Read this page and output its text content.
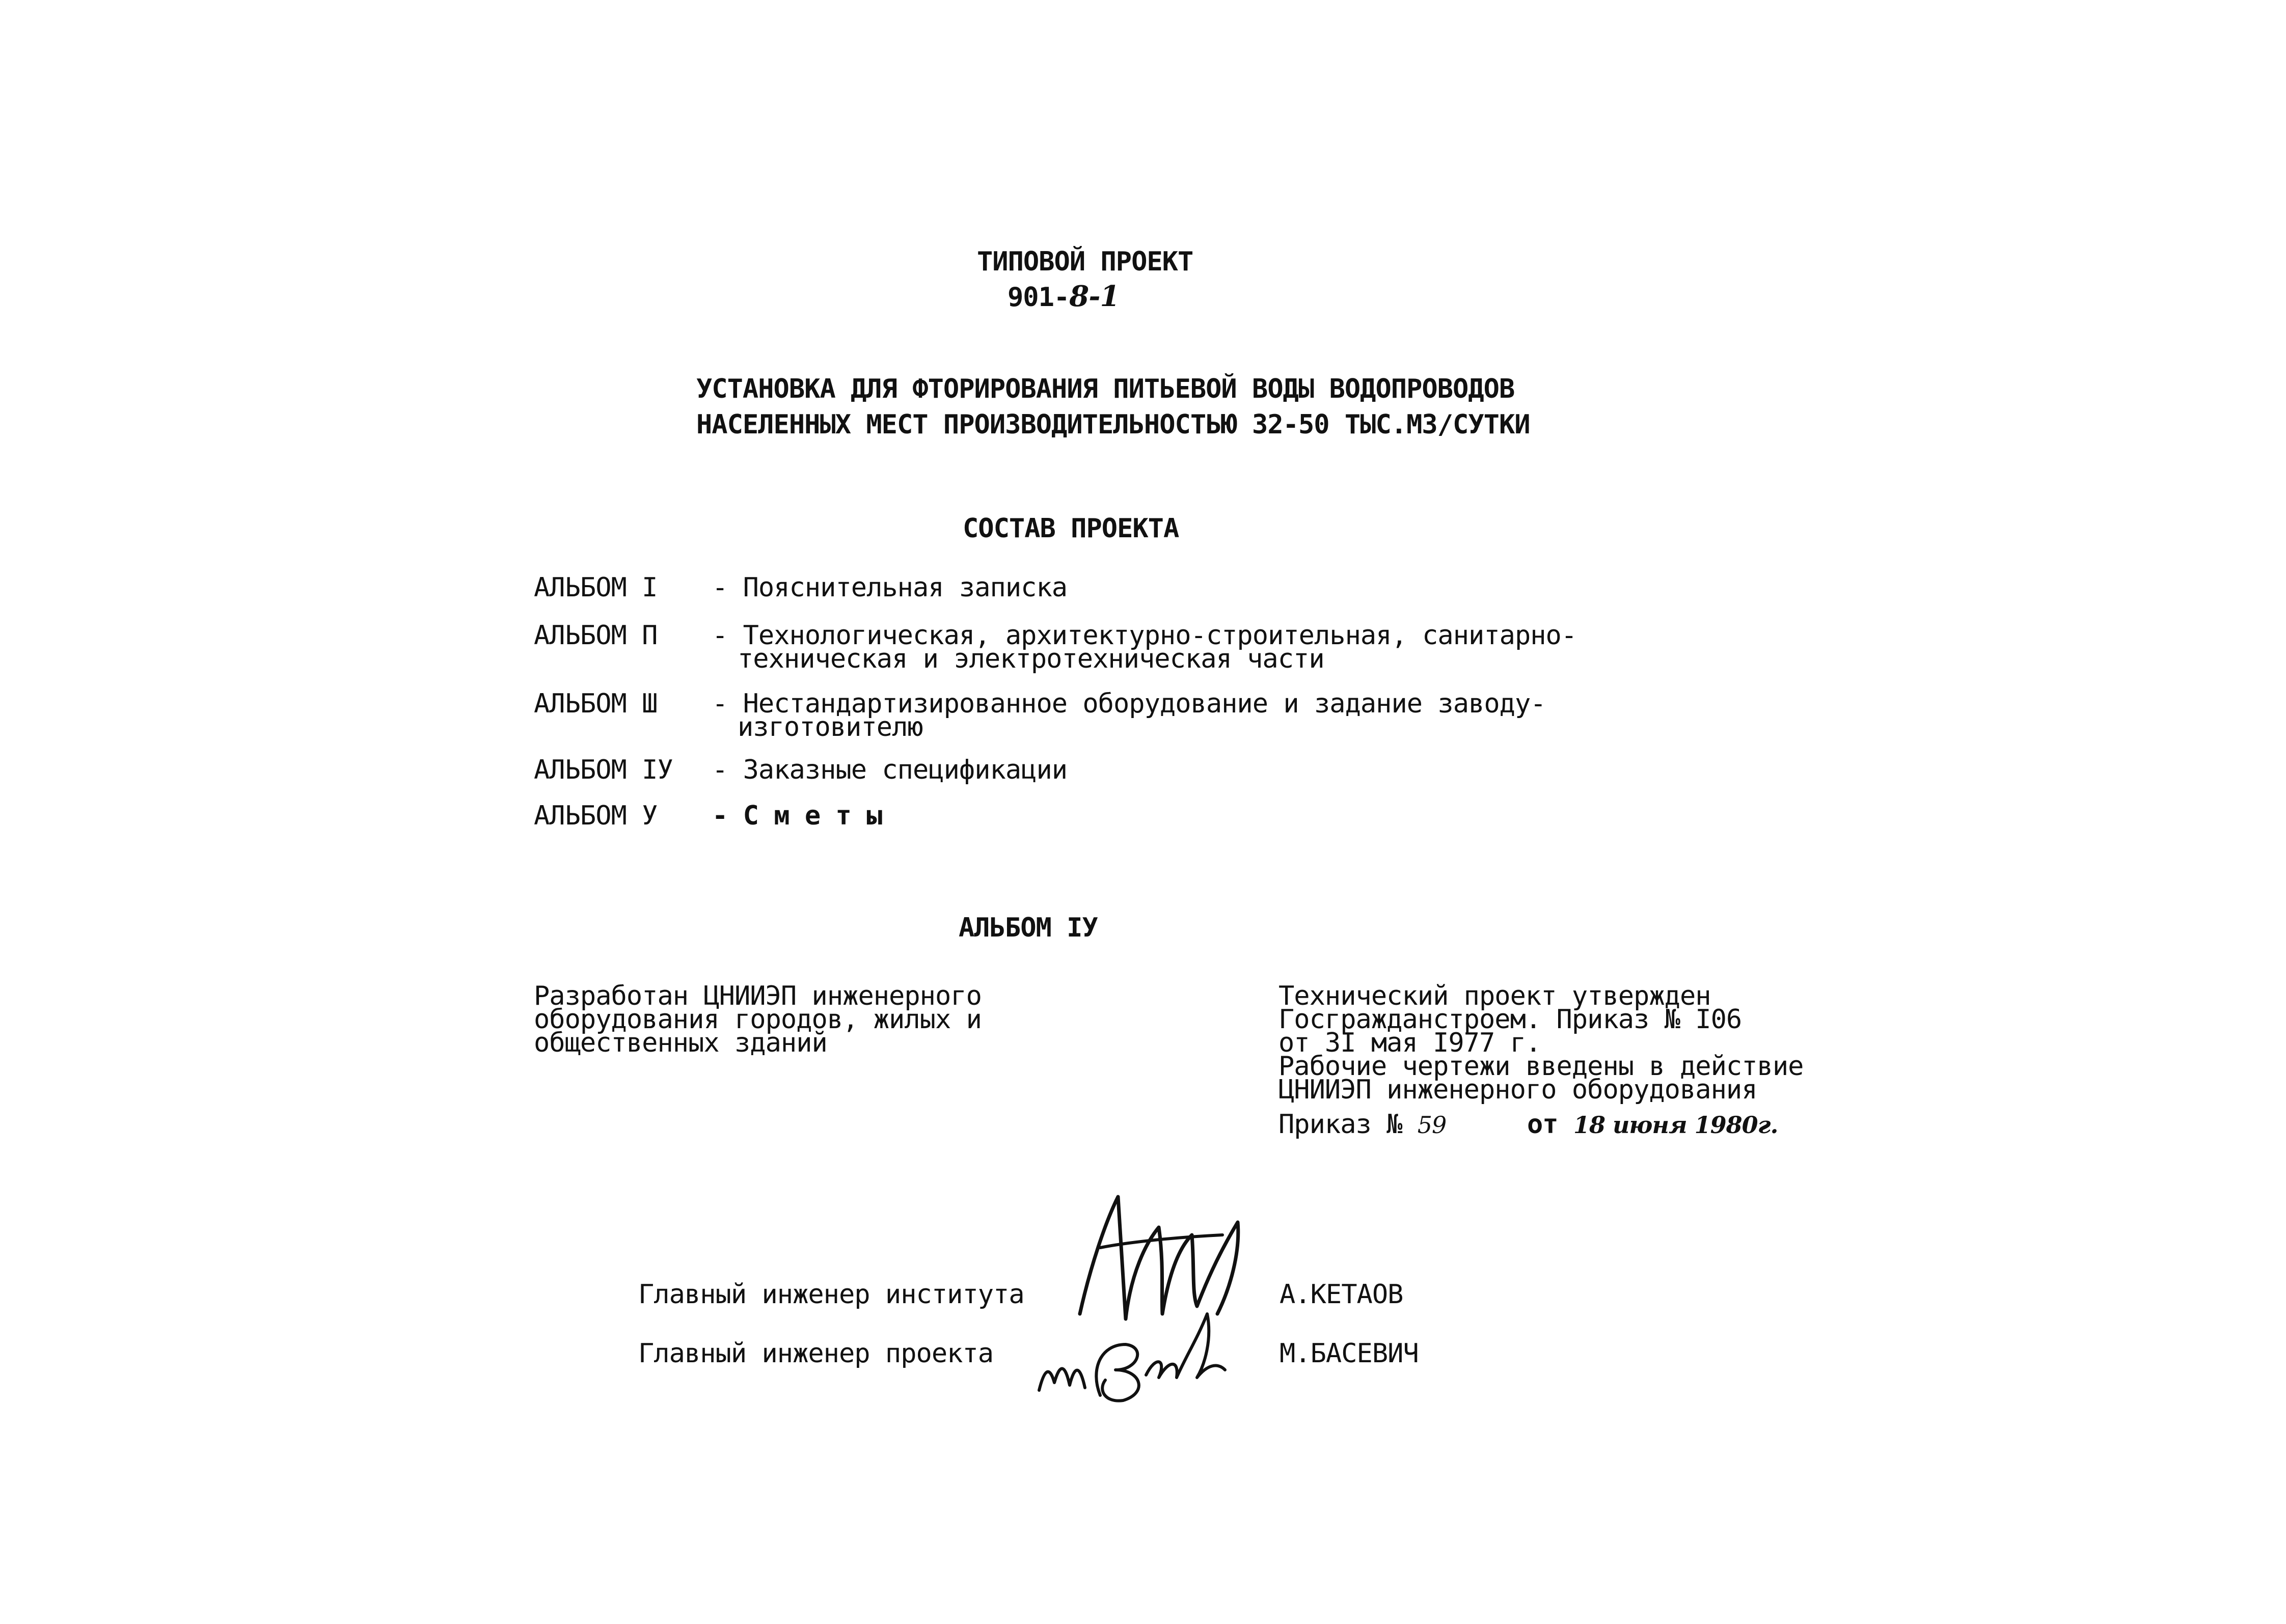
ТИПОВОЙ ПРОЕКТ
901-8-1
УСТАНОВКА ДЛЯ ФТОРИРОВАНИЯ ПИТЬЕВОЙ ВОДЫ ВОДОПРОВОДОВ
НАСЕЛЕННЫХ МЕСТ ПРОИЗВОДИТЕЛЬНОСТЬЮ 32-50 ТЫС.МЗ/СУТКИ
СОСТАВ ПРОЕКТА
АЛЬБОМ I - Пояснительная записка
АЛЬБОМ П - Технологическая, архитектурно-строительная, санитарно-
техническая и электротехническая части
АЛЬБОМ Ш - Нестандартизированное оборудование и задание заводу-
изготовителю
АЛЬБОМ IУ - Заказные спецификации
АЛЬБОМ У - С м е т ы
АЛЬБОМ IУ
Разработан ЦНИИЭП инженерного
оборудования городов, жилых и
общественных зданий
Технический проект утвержден
Госгражданстроем. Приказ № I06
от 3I мая I977 г.
Рабочие чертежи введены в действие
ЦНИИЭП инженерного оборудования
Приказ № 59	от 18 июня 1980г.
Главный инженер института	А.КЕТАОВ
Главный инженер проекта	М.БАСЕВИЧ
